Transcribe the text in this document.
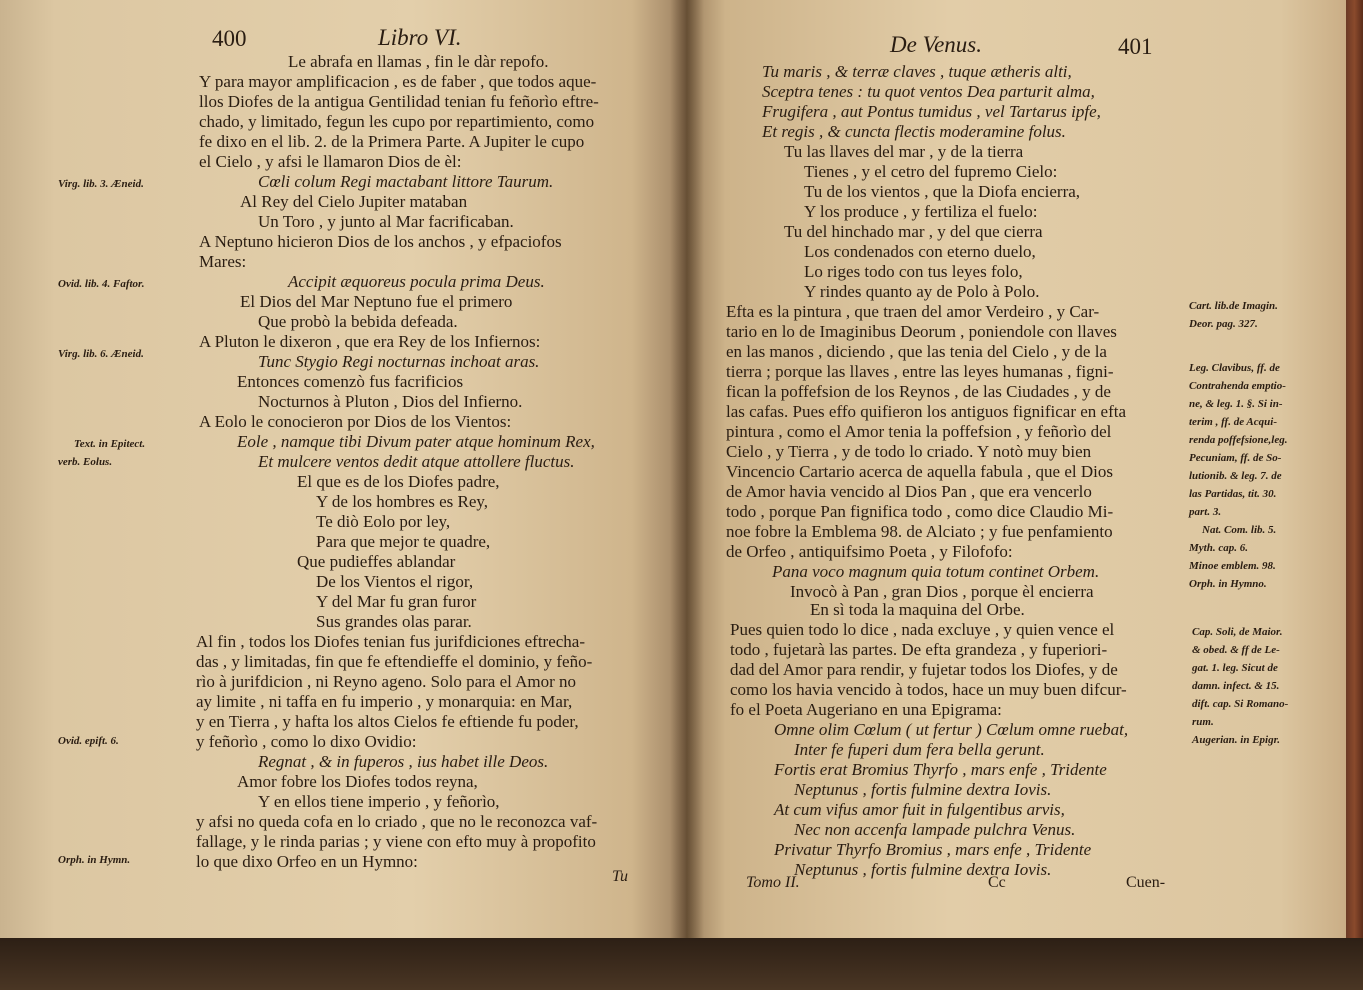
400	Libro VI.
Le abrafa en llamas , fin le dàr repofo.
Y para mayor amplificacion , es de faber , que todos aque-
llos Diofes de la antigua Gentilidad tenian fu feñorìo eftre-
chado, y limitado, fegun les cupo por repartimiento, como
fe dixo en el lib. 2. de la Primera Parte. A Jupiter le cupo
el Cielo , y afsi le llamaron Dios de èl:
Cœli colum Regi mactabant littore Taurum.
Al Rey del Cielo Jupiter mataban
Un Toro , y junto al Mar facrificaban.
A Neptuno hicieron Dios de los anchos , y efpaciofos
Mares:
Accipit æquoreus pocula prima Deus.
El Dios del Mar Neptuno fue el primero
Que probò la bebida defeada.
A Pluton le dixeron , que era Rey de los Infiernos:
Tunc Stygio Regi nocturnas inchoat aras.
Entonces comenzò fus facrificios
Nocturnos à Pluton , Dios del Infierno.
A Eolo le conocieron por Dios de los Vientos:
Eole , namque tibi Divum pater atque hominum Rex,
Et mulcere ventos dedit atque attollere fluctus.
El que es de los Diofes padre,
Y de los hombres es Rey,
Te diò Eolo por ley,
Para que mejor te quadre,
Que pudieffes ablandar
De los Vientos el rigor,
Y del Mar fu gran furor
Sus grandes olas parar.
Al fin , todos los Diofes tenian fus jurifdiciones eftrecha-
das , y limitadas, fin que fe eftendieffe el dominio, y feño-
rìo à jurifdicion , ni Reyno ageno. Solo para el Amor no
ay limite , ni taffa en fu imperio , y monarquia: en Mar,
y en Tierra , y hafta los altos Cielos fe eftiende fu poder,
y feñorìo , como lo dixo Ovidio:
Regnat , & in fuperos , ius habet ille Deos.
Amor fobre los Diofes todos reyna,
Y en ellos tiene imperio , y feñorìo,
y afsi no queda cofa en lo criado , que no le reconozca vaf-
fallage, y le rinda parias ; y viene con efto muy à propofito
lo que dixo Orfeo en un Hymno:
Tu
Virg. lib. 3. Æneid.
Ovid. lib. 4. Faftor.
Virg. lib. 6. Æneid.
Text. in Epitect.
verb. Eolus.
Ovid. epift. 6.
Orph. in Hymn.
De Venus.	401
Tu maris , & terræ claves , tuque ætheris alti,
Sceptra tenes : tu quot ventos Dea parturit alma,
Frugifera , aut Pontus tumidus , vel Tartarus ipfe,
Et regis , & cuncta flectis moderamine folus.
Tu las llaves del mar , y de la tierra
Tienes , y el cetro del fupremo Cielo:
Tu de los vientos , que la Diofa encierra,
Y los produce , y fertiliza el fuelo:
Tu del hinchado mar , y del que cierra
Los condenados con eterno duelo,
Lo riges todo con tus leyes folo,
Y rindes quanto ay de Polo à Polo.
Efta es la pintura , que traen del amor Verdeiro , y Car-
tario en lo de Imaginibus Deorum , poniendole con llaves
en las manos , diciendo , que las tenia del Cielo , y de la
tierra ; porque las llaves , entre las leyes humanas , figni-
fican la poffefsion de los Reynos , de las Ciudades , y de
las cafas. Pues effo quifieron los antiguos fignificar en efta
pintura , como el Amor tenia la poffefsion , y feñorìo del
Cielo , y Tierra , y de todo lo criado. Y notò muy bien
Vincencio Cartario acerca de aquella fabula , que el Dios
de Amor havia vencido al Dios Pan , que era vencerlo
todo , porque Pan fignifica todo , como dice Claudio Mi-
noe fobre la Emblema 98. de Alciato ; y fue penfamiento
de Orfeo , antiquifsimo Poeta , y Filofofo:
Pana voco magnum quia totum continet Orbem.
Invocò à Pan , gran Dios , porque èl encierra
En sì toda la maquina del Orbe.
Pues quien todo lo dice , nada excluye , y quien vence el
todo , fujetarà las partes. De efta grandeza , y fuperiori-
dad del Amor para rendir, y fujetar todos los Diofes, y de
como los havia vencido à todos, hace un muy buen difcur-
fo el Poeta Augeriano en una Epigrama:
Omne olim Cœlum ( ut fertur ) Cœlum omne ruebat,
Inter fe fuperi dum fera bella gerunt.
Fortis erat Bromius Thyrfo , mars enfe , Tridente
Neptunus , fortis fulmine dextra Iovis.
At cum vifus amor fuit in fulgentibus arvis,
Nec non accenfa lampade pulchra Venus.
Privatur Thyrfo Bromius , mars enfe , Tridente
Neptunus , fortis fulmine dextra Iovis.
Tomo II.	Cc	Cuen-
Cart. lib.de Imagin.
Deor. pag. 327.
Leg. Clavibus, ff. de
Contrahenda emptio-
ne, & leg. 1. §. Si in-
terim , ff. de Acqui-
renda poffefsione,leg.
Pecuniam, ff. de So-
lutionib. & leg. 7. de
las Partidas, tit. 30.
part. 3.
Nat. Com. lib. 5.
Myth. cap. 6.
Minoe emblem. 98.
Orph. in Hymno.
Cap. Soli, de Maior.
& obed. & ff de Le-
gat. 1. leg. Sicut de
damn. infect. & 15.
dift. cap. Si Romano-
rum.
Augerian. in Epigr.
